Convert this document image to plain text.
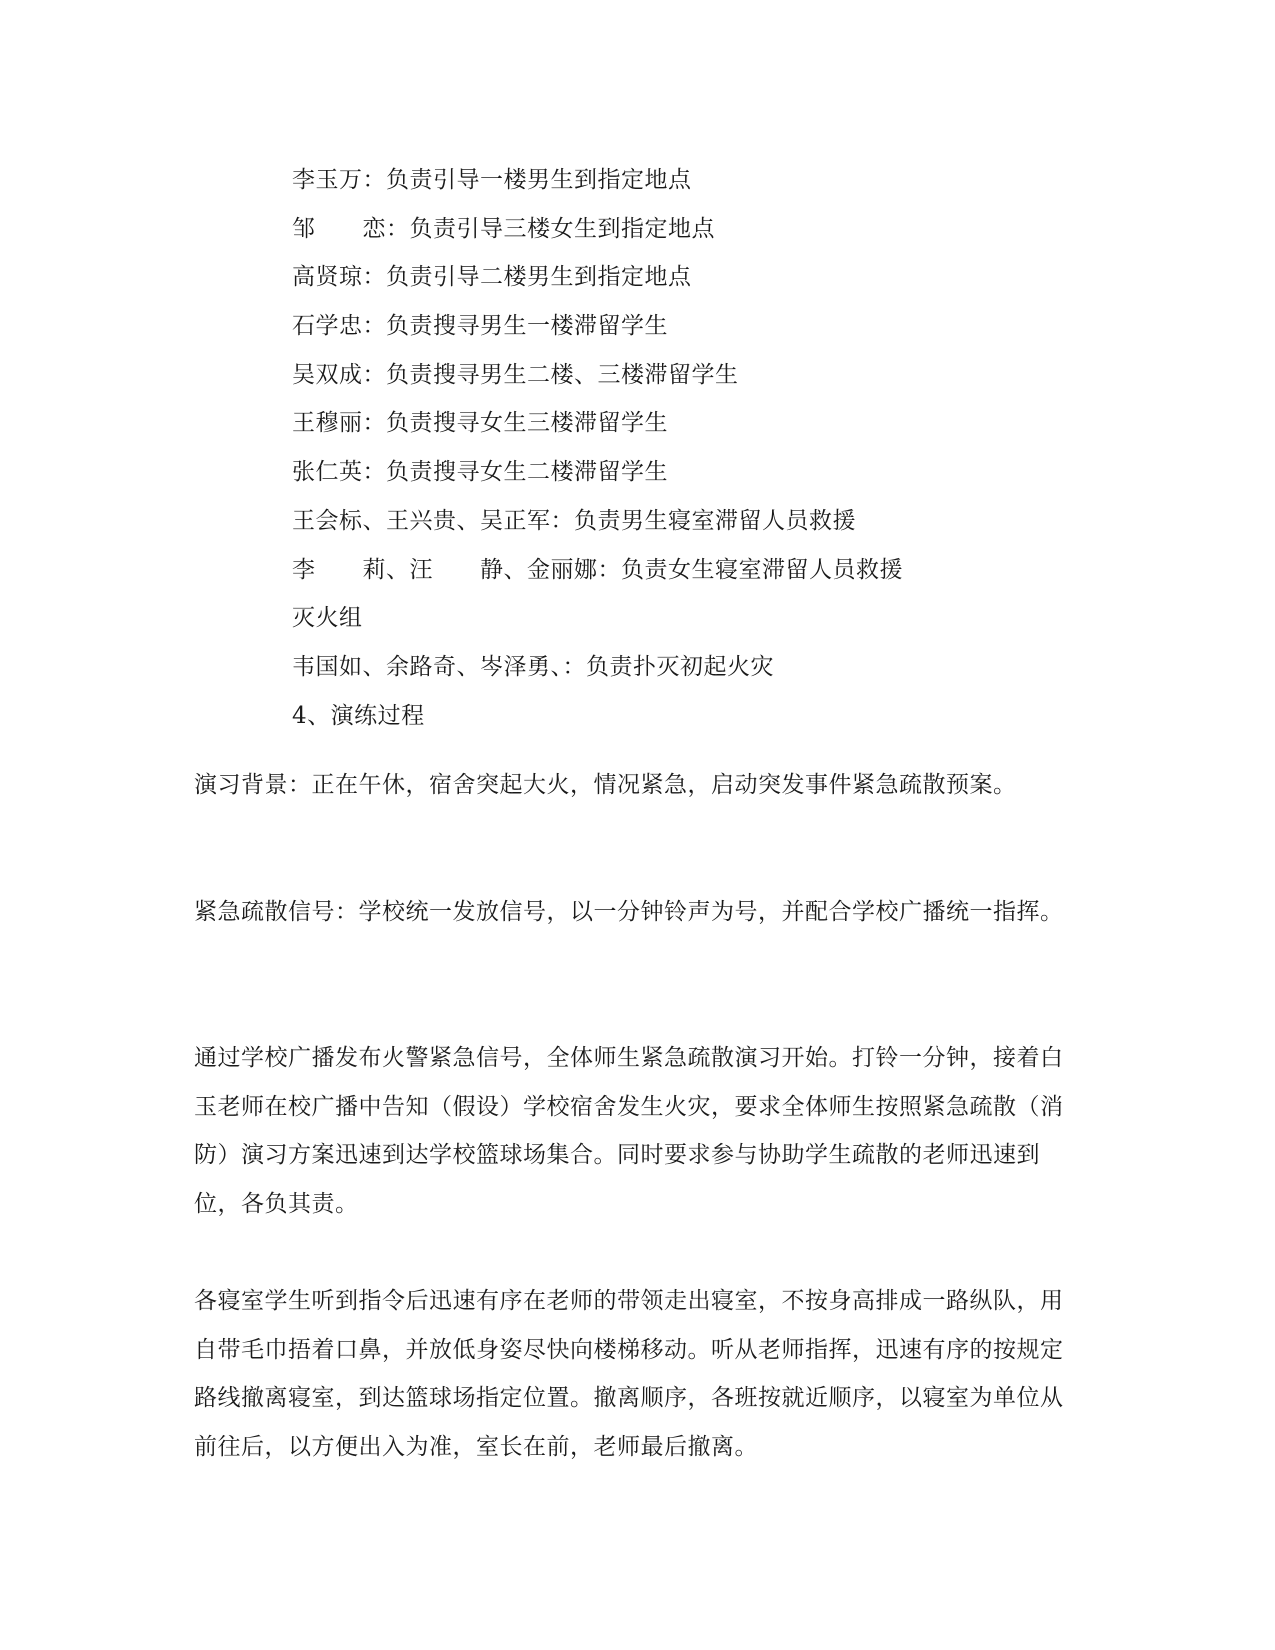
李玉万：负责引导一楼男生到指定地点
邹　　恋：负责引导三楼女生到指定地点
高贤琼：负责引导二楼男生到指定地点
石学忠：负责搜寻男生一楼滞留学生
吴双成：负责搜寻男生二楼、三楼滞留学生
王穆丽：负责搜寻女生三楼滞留学生
张仁英：负责搜寻女生二楼滞留学生
王会标、王兴贵、吴正军：负责男生寝室滞留人员救援
李　　莉、汪　　静、金丽娜：负责女生寝室滞留人员救援
灭火组
韦国如、余路奇、岑泽勇、：负责扑灭初起火灾
4、演练过程

演习背景：正在午休，宿舍突起大火，情况紧急，启动突发事件紧急疏散预案。

紧急疏散信号：学校统一发放信号，以一分钟铃声为号，并配合学校广播统一指挥。

通过学校广播发布火警紧急信号，全体师生紧急疏散演习开始。打铃一分钟，接着白玉老师在校广播中告知（假设）学校宿舍发生火灾，要求全体师生按照紧急疏散（消防）演习方案迅速到达学校篮球场集合。同时要求参与协助学生疏散的老师迅速到位，各负其责。

各寝室学生听到指令后迅速有序在老师的带领走出寝室，不按身高排成一路纵队，用自带毛巾捂着口鼻，并放低身姿尽快向楼梯移动。听从老师指挥，迅速有序的按规定路线撤离寝室，到达篮球场指定位置。撤离顺序，各班按就近顺序，以寝室为单位从前往后，以方便出入为准，室长在前，老师最后撤离。
